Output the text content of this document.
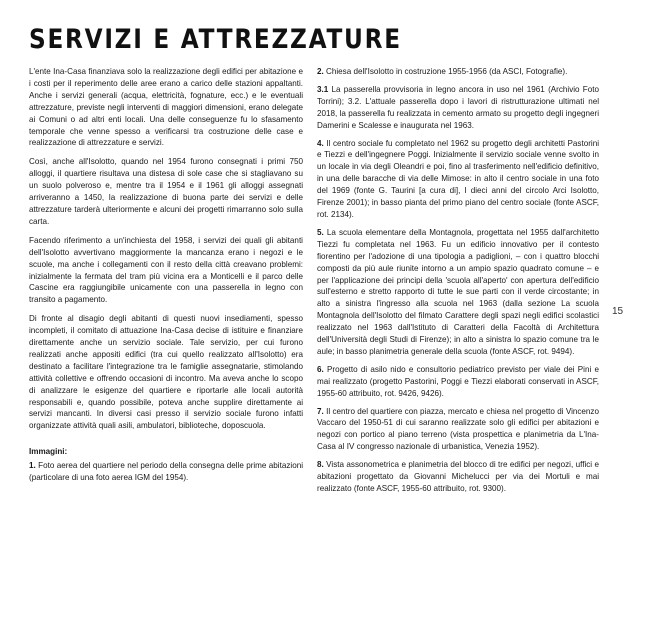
SERVIZI E ATTREZZATURE

L'ente Ina-Casa finanziava solo la realizzazione degli edifici per abitazione e i costi per il reperimento delle aree erano a carico delle stazioni appaltanti. Anche i servizi generali (acqua, elettricità, fognature, ecc.) e le eventuali attrezzature, previste negli interventi di maggiori dimensioni, erano delegate ai Comuni o ad altri enti locali. Una delle conseguenze fu lo sfasamento temporale che venne spesso a verificarsi tra costruzione delle case e realizzazione di attrezzature e servizi.

Così, anche all'Isolotto, quando nel 1954 furono consegnati i primi 750 alloggi, il quartiere risultava una distesa di sole case che si stagliavano su un suolo polveroso e, mentre tra il 1954 e il 1961 gli alloggi assegnati arriveranno a 1450, la realizzazione di buona parte dei servizi e delle attrezzature tarderà ulteriormente e alcuni dei progetti rimarranno solo sulla carta.

Facendo riferimento a un'inchiesta del 1958, i servizi dei quali gli abitanti dell'Isolotto avvertivano maggiormente la mancanza erano i negozi e le scuole, ma anche i collegamenti con il resto della città creavano problemi: inizialmente la fermata del tram più vicina era a Monticelli e il parco delle Cascine era raggiungibile unicamente con una passerella in legno con transito a pagamento.

Di fronte al disagio degli abitanti di questi nuovi insediamenti, spesso incompleti, il comitato di attuazione Ina-Casa decise di istituire e finanziare direttamente anche un servizio sociale. Tale servizio, per cui furono realizzati anche appositi edifici (tra cui quello realizzato all'Isolotto) era destinato a facilitare l'integrazione tra le famiglie assegnatarie, stimolando attività collettive e offrendo occasioni di incontro. Ma aveva anche lo scopo di analizzare le esigenze del quartiere e riportarle alle locali autorità responsabili e, quando possibile, poteva anche supplire direttamente ai servizi mancanti. In diversi casi presso il servizio sociale furono infatti organizzate attività quali asili, ambulatori, biblioteche, doposcuola.

Immagini:

1. Foto aerea del quartiere nel periodo della consegna delle prime abitazioni (particolare di una foto aerea IGM del 1954).

2. Chiesa dell'Isolotto in costruzione 1955-1956 (da ASCI, Fotografie).

3.1 La passerella provvisoria in legno ancora in uso nel 1961 (Archivio Foto Torrini); 3.2. L'attuale passerella dopo i lavori di ristrutturazione ultimati nel 2018, la passerella fu realizzata in cemento armato su progetto degli ingegneri Damerini e Scalesse e inaugurata nel 1963.

4. Il centro sociale fu completato nel 1962 su progetto degli architetti Pastorini e Tiezzi e dell'ingegnere Poggi. Inizialmente il servizio sociale venne svolto in un locale in via degli Oleandri e poi, fino al trasferimento nell'edificio definitivo, in una delle baracche di via delle Mimose: in alto il centro sociale in una foto del 1969 (fonte G. Taurini [a cura di], I dieci anni del circolo Arci Isolotto, Firenze 2001); in basso pianta del primo piano del centro sociale (fonte ASCF, rot. 2134).

5. La scuola elementare della Montagnola, progettata nel 1955 dall'architetto Tiezzi fu completata nel 1963. Fu un edificio innovativo per il contesto fiorentino per l'adozione di una tipologia a padiglioni, – con i quattro blocchi composti da più aule riunite intorno a un ampio spazio quadrato comune – e per l'applicazione dei principi della 'scuola all'aperto' con apertura dell'edificio sull'esterno e stretto rapporto di tutte le sue parti con il verde circostante; in alto a sinistra l'ingresso alla scuola nel 1963 (dalla sezione La scuola Montagnola dell'Isolotto del filmato Carattere degli spazi negli edifici scolastici realizzato nel 1963 dall'Istituto di Caratteri della Facoltà di Architettura dell'Università degli Studi di Firenze); in alto a sinistra lo spazio comune tra le aule; in basso planimetria generale della scuola (fonte ASCF, rot. 9494).

6. Progetto di asilo nido e consultorio pediatrico previsto per viale dei Pini e mai realizzato (progetto Pastorini, Poggi e Tiezzi elaborati conservati in ASCF, 1955-60 attribuito, rot. 9426, 9426).

7. Il centro del quartiere con piazza, mercato e chiesa nel progetto di Vincenzo Vaccaro del 1950-51 di cui saranno realizzate solo gli edifici per abitazioni e negozi con portico al piano terreno (vista prospettica e planimetria da L'Ina-Casa al IV congresso nazionale di urbanistica, Venezia 1952).

8. Vista assonometrica e planimetria del blocco di tre edifici per negozi, uffici e abitazioni progettato da Giovanni Michelucci per via dei Mortuli e mai realizzato (fonte ASCF, 1955-60 attribuito, rot. 9300).

15
